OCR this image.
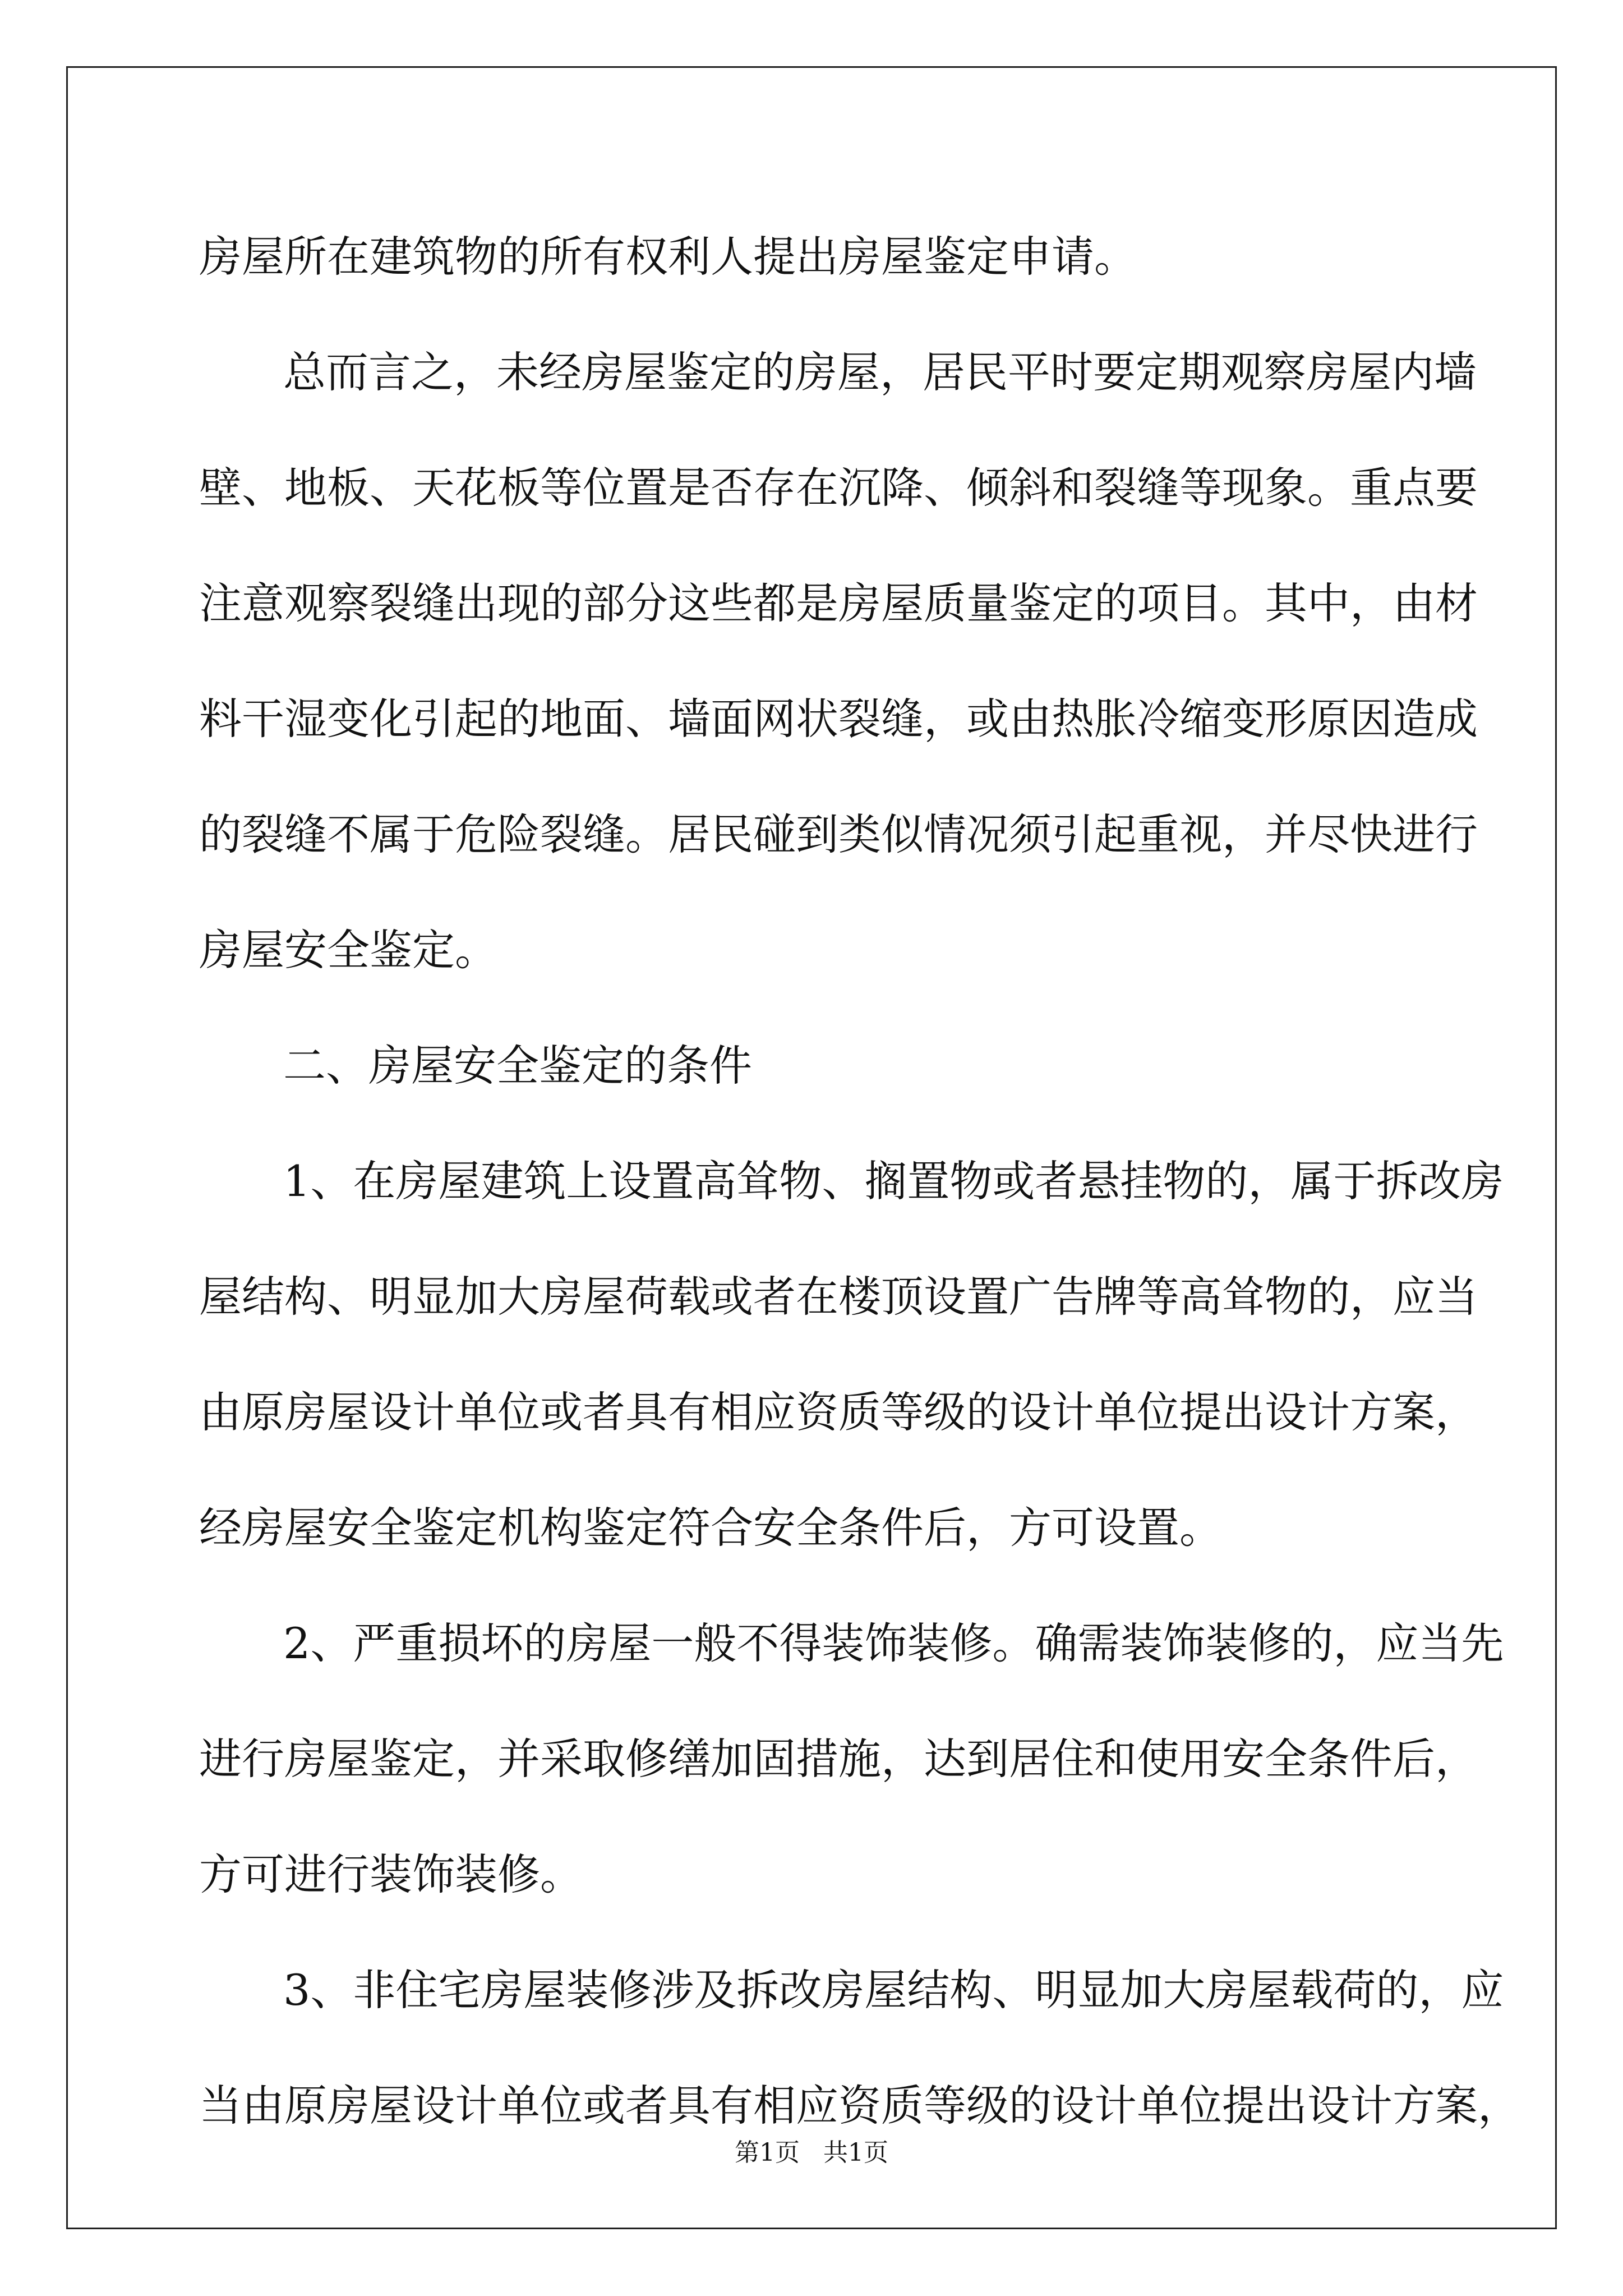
房屋所在建筑物的所有权利人提出房屋鉴定申请。
总而言之，未经房屋鉴定的房屋，居民平时要定期观察房屋内墙
壁、地板、天花板等位置是否存在沉降、倾斜和裂缝等现象。重点要
注意观察裂缝出现的部分这些都是房屋质量鉴定的项目。其中，由材
料干湿变化引起的地面、墙面网状裂缝，或由热胀冷缩变形原因造成
的裂缝不属于危险裂缝。居民碰到类似情况须引起重视，并尽快进行
房屋安全鉴定。
二、房屋安全鉴定的条件
1、在房屋建筑上设置高耸物、搁置物或者悬挂物的，属于拆改房
屋结构、明显加大房屋荷载或者在楼顶设置广告牌等高耸物的，应当
由原房屋设计单位或者具有相应资质等级的设计单位提出设计方案，
经房屋安全鉴定机构鉴定符合安全条件后，方可设置。
2、严重损坏的房屋一般不得装饰装修。确需装饰装修的，应当先
进行房屋鉴定，并采取修缮加固措施，达到居住和使用安全条件后，
方可进行装饰装修。
3、非住宅房屋装修涉及拆改房屋结构、明显加大房屋载荷的，应
当由原房屋设计单位或者具有相应资质等级的设计单位提出设计方案，
第1页   共1页
